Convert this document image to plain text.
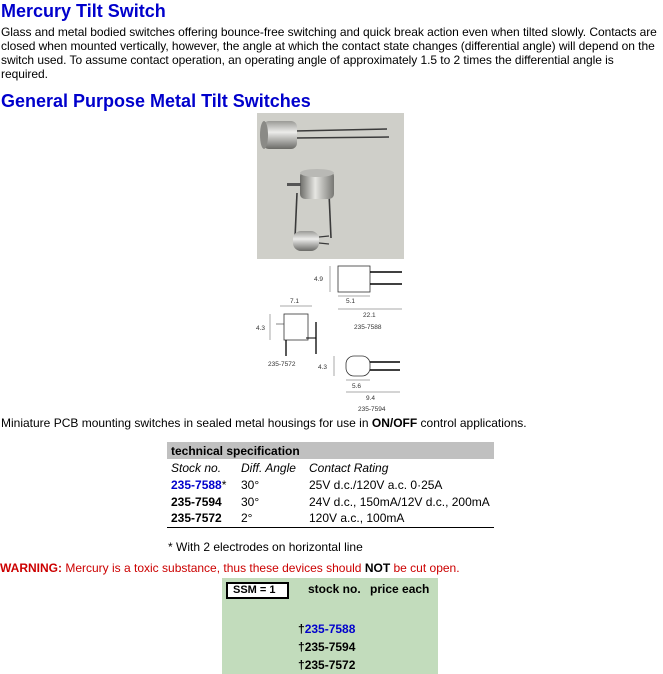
Mercury Tilt Switch
Glass and metal bodied switches offering bounce-free switching and quick break action even when tilted slowly. Contacts are closed when mounted vertically, however, the angle at which the contact state changes (differential angle) will depend on the switch used. To assume contact operation, an operating angle of approximately 1.5 to 2 times the differential angle is required.
General Purpose Metal Tilt Switches
4.9
5.1
22.1
235-7588
7.1
4.3
235-7572	4.3
5.6
9.4
235-7594
Miniature PCB mounting switches in sealed metal housings for use in ON/OFF control applications.
technical specification
Stock no.	Diff. Angle	Contact Rating
235-7588*	30°	25V d.c./120V a.c. 0·25A
235-7594	30°	24V d.c., 150mA/12V d.c., 200mA
235-7572	2°	120V a.c., 100mA

* With 2 electrodes on horizontal line
WARNING: Mercury is a toxic substance, thus these devices should NOT be cut open.
SSM = 1	stock no. price each
†235-7588
†235-7594
†235-7572
